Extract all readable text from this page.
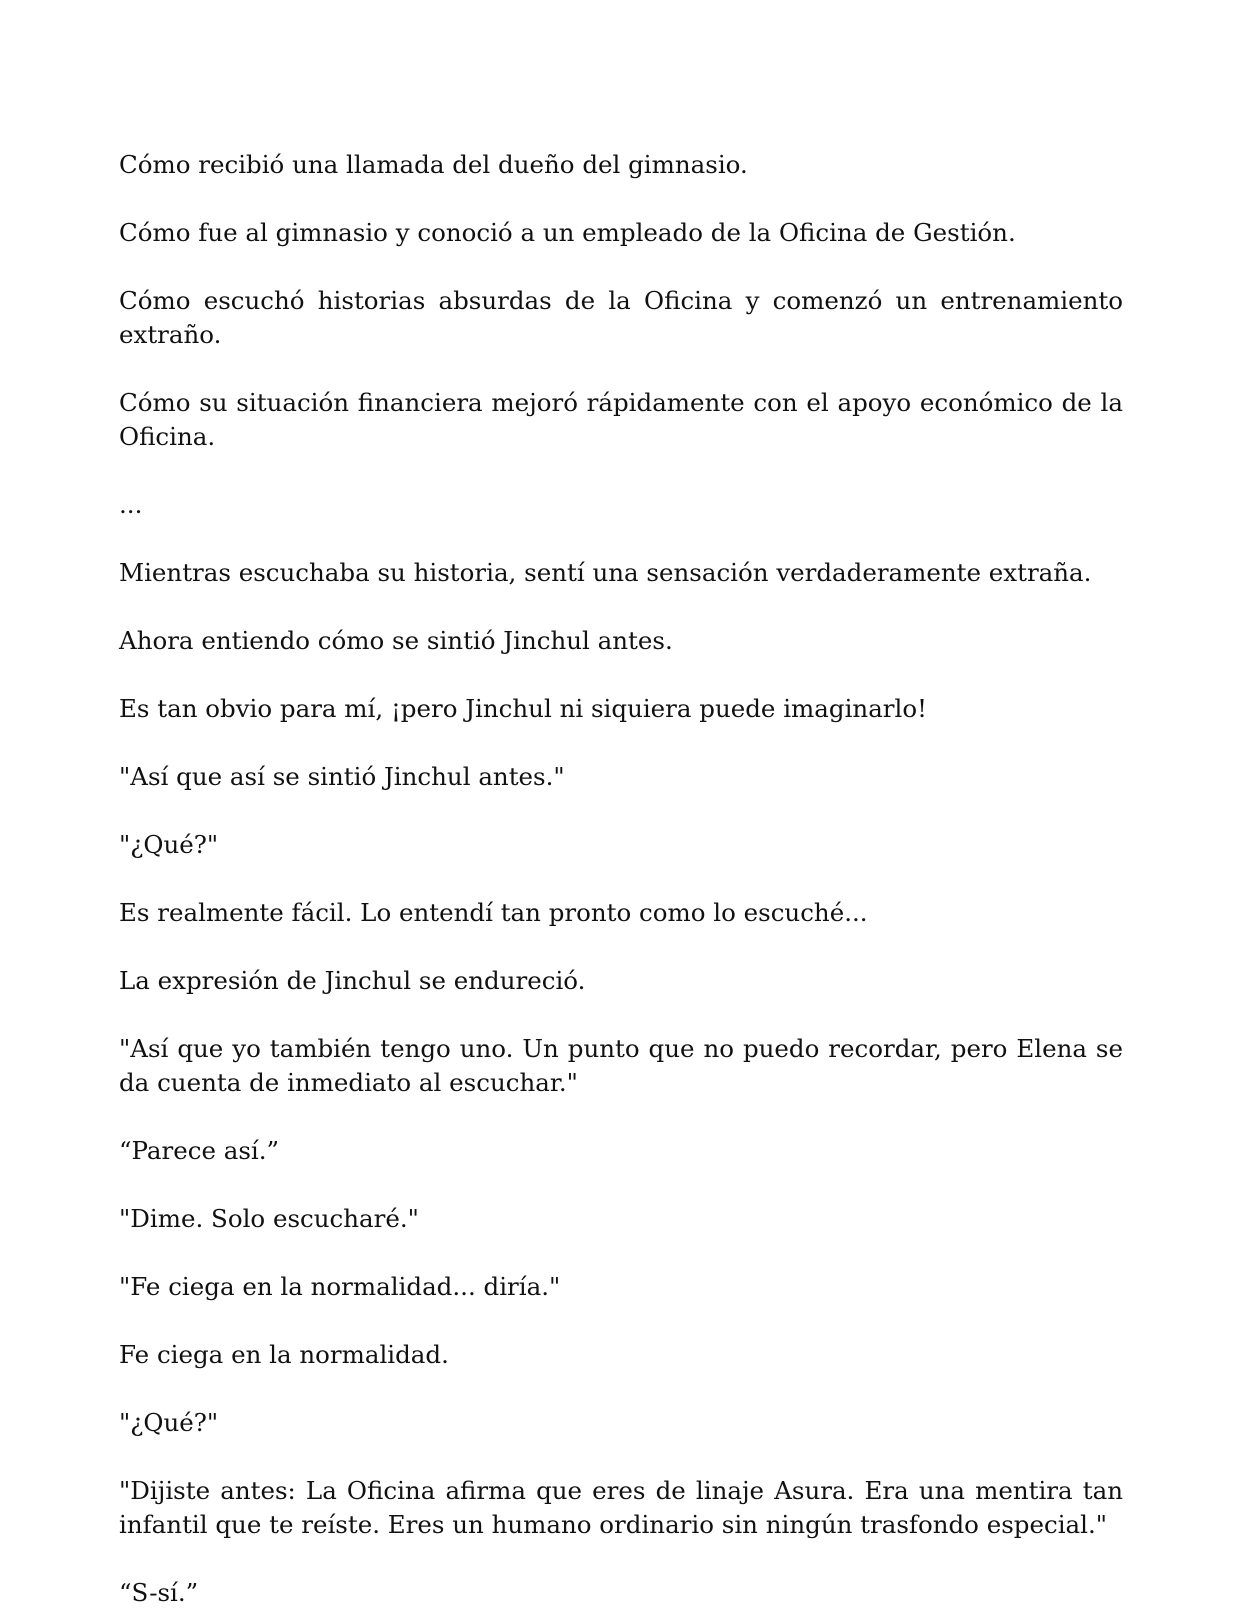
Cómo recibió una llamada del dueño del gimnasio.

Cómo fue al gimnasio y conoció a un empleado de la Oficina de Gestión.

Cómo escuchó historias absurdas de la Oficina y comenzó un entrenamiento extraño.

Cómo su situación financiera mejoró rápidamente con el apoyo económico de la Oficina.

...

Mientras escuchaba su historia, sentí una sensación verdaderamente extraña.

Ahora entiendo cómo se sintió Jinchul antes.

Es tan obvio para mí, ¡pero Jinchul ni siquiera puede imaginarlo!

"Así que así se sintió Jinchul antes."

"¿Qué?"

Es realmente fácil. Lo entendí tan pronto como lo escuché...

La expresión de Jinchul se endureció.

"Así que yo también tengo uno. Un punto que no puedo recordar, pero Elena se da cuenta de inmediato al escuchar."

“Parece así.”

"Dime. Solo escucharé."

"Fe ciega en la normalidad... diría."

Fe ciega en la normalidad.

"¿Qué?"

"Dijiste antes: La Oficina afirma que eres de linaje Asura. Era una mentira tan infantil que te reíste. Eres un humano ordinario sin ningún trasfondo especial."

“S-sí.”
